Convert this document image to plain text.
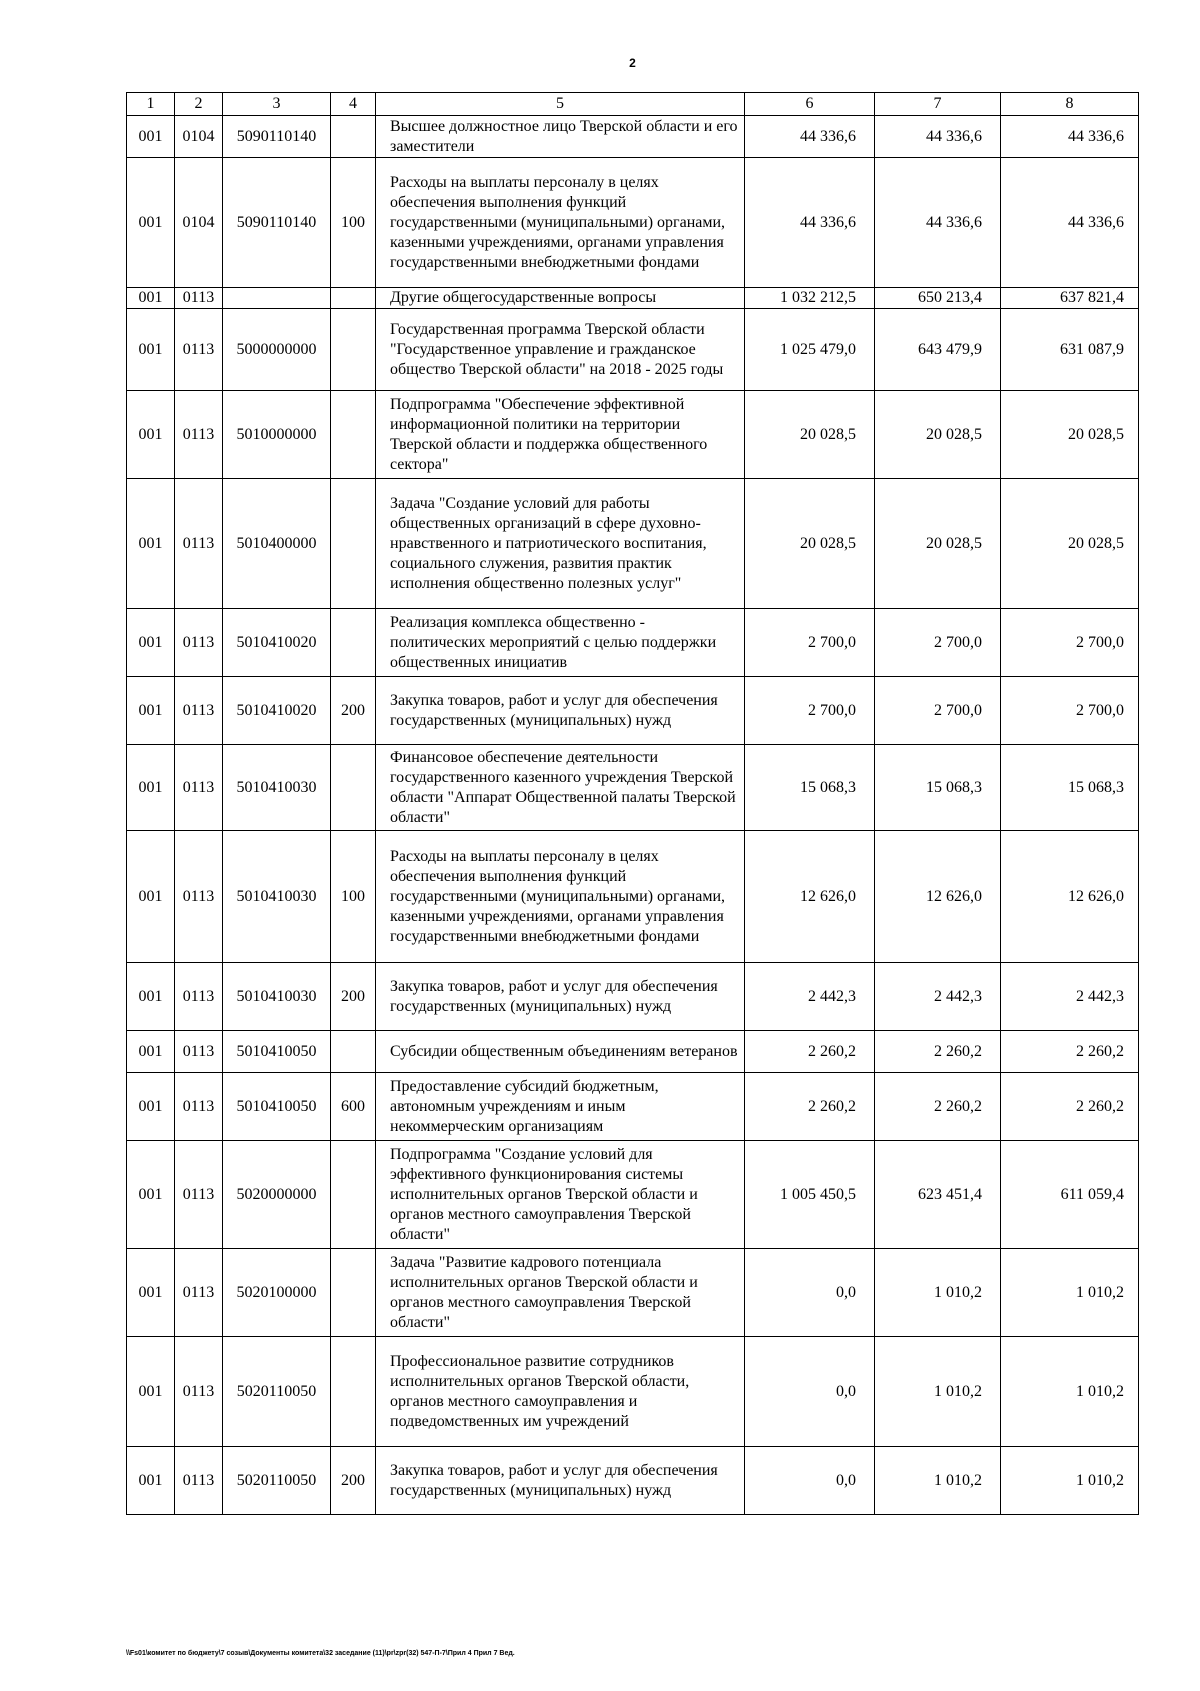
2
1	2	3	4	5	6	7	8
001	0104	5090110140		Высшее должностное лицо Тверской области и его заместители	44 336,6	44 336,6	44 336,6
001	0104	5090110140	100	Расходы на выплаты персоналу в целях обеспечения выполнения функций государственными (муниципальными) органами, казенными учреждениями, органами управления государственными внебюджетными фондами	44 336,6	44 336,6	44 336,6
001	0113			Другие общегосударственные вопросы	1 032 212,5	650 213,4	637 821,4
001	0113	5000000000		Государственная программа Тверской области "Государственное управление и гражданское общество Тверской области" на 2018 - 2025 годы	1 025 479,0	643 479,9	631 087,9
001	0113	5010000000		Подпрограмма "Обеспечение эффективной информационной политики на территории Тверской области и поддержка общественного сектора"	20 028,5	20 028,5	20 028,5
001	0113	5010400000		Задача "Создание условий для работы общественных организаций в сфере духовно-нравственного и патриотического воспитания, социального служения, развития практик исполнения общественно полезных услуг"	20 028,5	20 028,5	20 028,5
001	0113	5010410020		Реализация комплекса общественно - политических мероприятий с целью поддержки общественных инициатив	2 700,0	2 700,0	2 700,0
001	0113	5010410020	200	Закупка товаров, работ и услуг для обеспечения государственных (муниципальных) нужд	2 700,0	2 700,0	2 700,0
001	0113	5010410030		Финансовое обеспечение деятельности государственного казенного учреждения Тверской области "Аппарат Общественной палаты Тверской области"	15 068,3	15 068,3	15 068,3
001	0113	5010410030	100	Расходы на выплаты персоналу в целях обеспечения выполнения функций государственными (муниципальными) органами, казенными учреждениями, органами управления государственными внебюджетными фондами	12 626,0	12 626,0	12 626,0
001	0113	5010410030	200	Закупка товаров, работ и услуг для обеспечения государственных (муниципальных) нужд	2 442,3	2 442,3	2 442,3
001	0113	5010410050		Субсидии общественным объединениям ветеранов	2 260,2	2 260,2	2 260,2
001	0113	5010410050	600	Предоставление субсидий бюджетным, автономным учреждениям и иным некоммерческим организациям	2 260,2	2 260,2	2 260,2
001	0113	5020000000		Подпрограмма "Создание условий для эффективного функционирования системы исполнительных органов Тверской области и органов местного самоуправления Тверской области"	1 005 450,5	623 451,4	611 059,4
001	0113	5020100000		Задача "Развитие кадрового потенциала исполнительных органов Тверской области и органов местного самоуправления Тверской области"	0,0	1 010,2	1 010,2
001	0113	5020110050		Профессиональное развитие сотрудников исполнительных органов Тверской области, органов местного самоуправления и подведомственных им учреждений	0,0	1 010,2	1 010,2
001	0113	5020110050	200	Закупка товаров, работ и услуг для обеспечения государственных (муниципальных) нужд	0,0	1 010,2	1 010,2
\\Fs01\комитет по бюджету\7 созыв\Документы комитета\32 заседание (11)\pr\zpr(32) 547-П-7\Прил 4 Прил 7 Вед.
